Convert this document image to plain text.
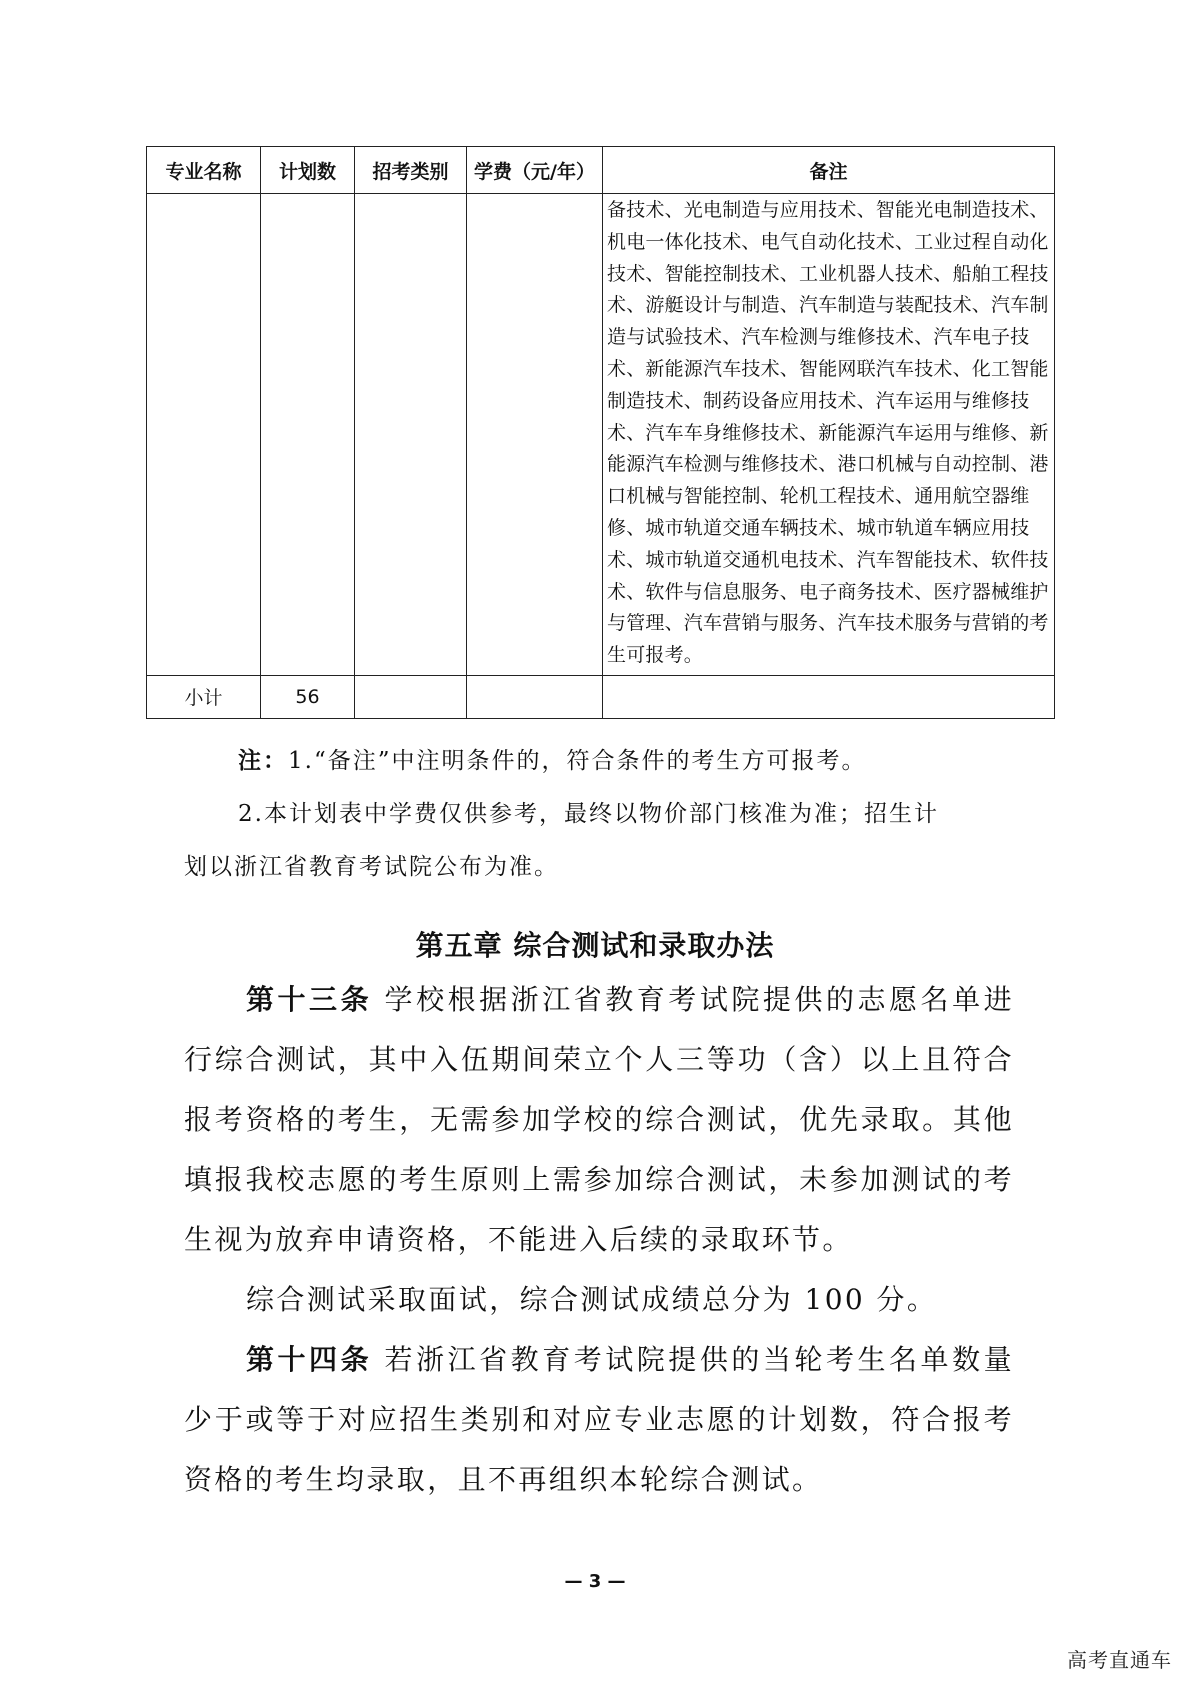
专业名称	计划数	招考类别	学费（元/年）	备注
				备技术、光电制造与应用技术、智能光电制造技术、机电一体化技术、电气自动化技术、工业过程自动化技术、智能控制技术、工业机器人技术、船舶工程技术、游艇设计与制造、汽车制造与装配技术、汽车制造与试验技术、汽车检测与维修技术、汽车电子技术、新能源汽车技术、智能网联汽车技术、化工智能制造技术、制药设备应用技术、汽车运用与维修技术、汽车车身维修技术、新能源汽车运用与维修、新能源汽车检测与维修技术、港口机械与自动控制、港口机械与智能控制、轮机工程技术、通用航空器维修、城市轨道交通车辆技术、城市轨道车辆应用技术、城市轨道交通机电技术、汽车智能技术、软件技术、软件与信息服务、电子商务技术、医疗器械维护与管理、汽车营销与服务、汽车技术服务与营销的考生可报考。
小计	56			
注：1.“备注”中注明条件的，符合条件的考生方可报考。
2.本计划表中学费仅供参考，最终以物价部门核准为准；招生计
划以浙江省教育考试院公布为准。
第五章 综合测试和录取办法

第十三条 学校根据浙江省教育考试院提供的志愿名单进行综合测试，其中入伍期间荣立个人三等功（含）以上且符合报考资格的考生，无需参加学校的综合测试，优先录取。其他填报我校志愿的考生原则上需参加综合测试，未参加测试的考生视为放弃申请资格，不能进入后续的录取环节。

综合测试采取面试，综合测试成绩总分为 100 分。

第十四条 若浙江省教育考试院提供的当轮考生名单数量少于或等于对应招生类别和对应专业志愿的计划数，符合报考资格的考生均录取，且不再组织本轮综合测试。

— 3 —
高考直通车
